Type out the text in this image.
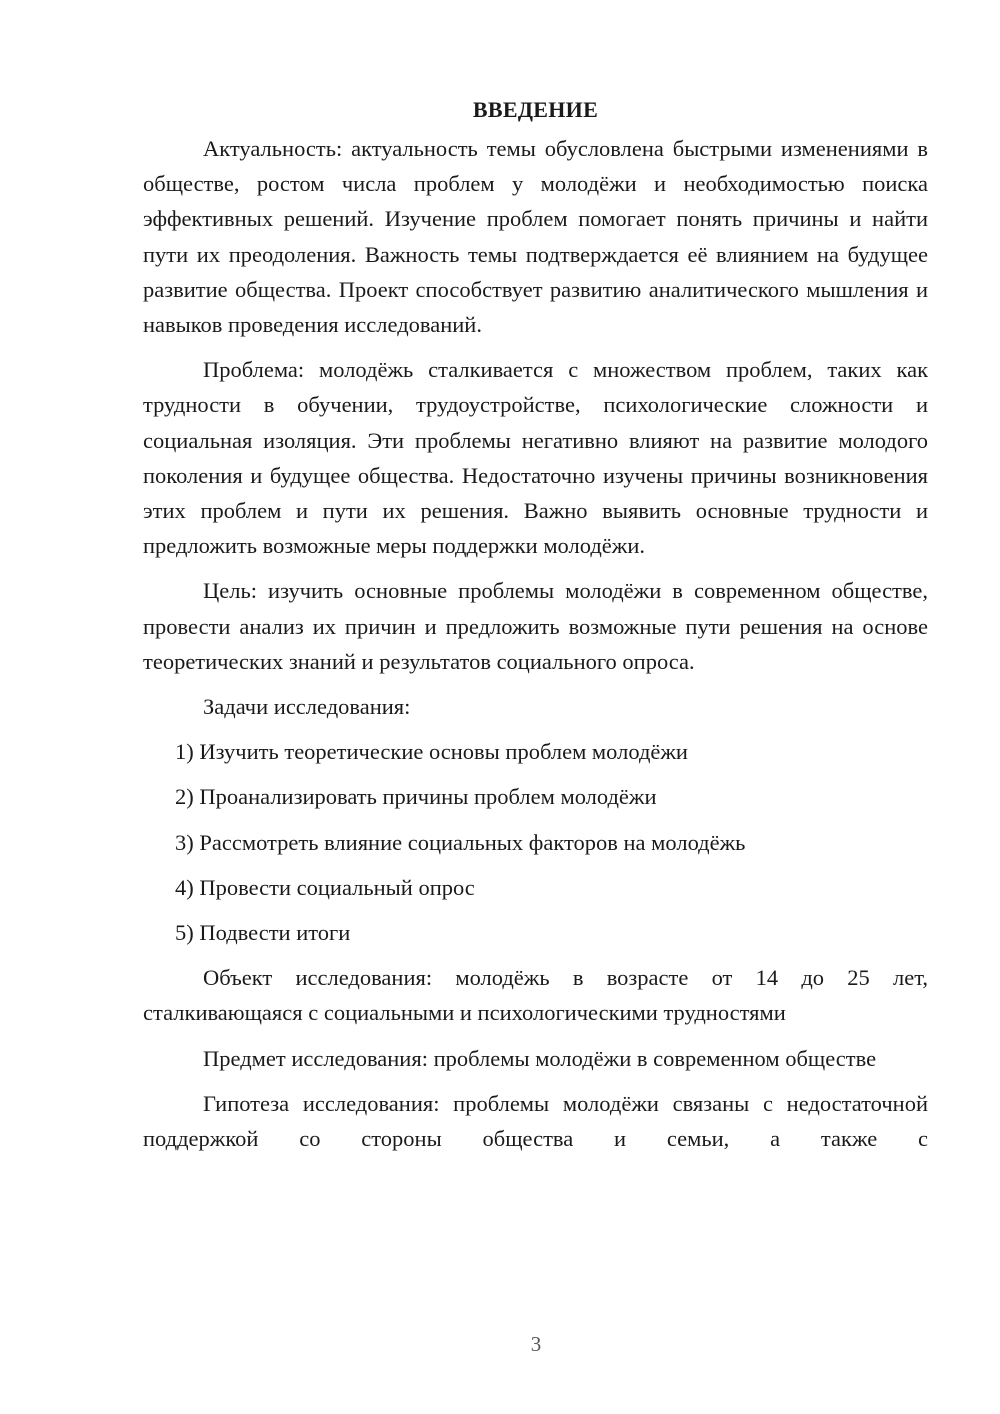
ВВЕДЕНИЕ

Актуальность: актуальность темы обусловлена быстрыми изменениями в обществе, ростом числа проблем у молодёжи и необходимостью поиска эффективных решений. Изучение проблем помогает понять причины и найти пути их преодоления. Важность темы подтверждается её влиянием на будущее развитие общества. Проект способствует развитию аналитического мышления и навыков проведения исследований.

Проблема: молодёжь сталкивается с множеством проблем, таких как трудности в обучении, трудоустройстве, психологические сложности и социальная изоляция. Эти проблемы негативно влияют на развитие молодого поколения и будущее общества. Недостаточно изучены причины возникновения этих проблем и пути их решения. Важно выявить основные трудности и предложить возможные меры поддержки молодёжи.

Цель: изучить основные проблемы молодёжи в современном обществе, провести анализ их причин и предложить возможные пути решения на основе теоретических знаний и результатов социального опроса.

Задачи исследования:

1) Изучить теоретические основы проблем молодёжи
2) Проанализировать причины проблем молодёжи
3) Рассмотреть влияние социальных факторов на молодёжь
4) Провести социальный опрос
5) Подвести итоги

Объект исследования: молодёжь в возрасте от 14 до 25 лет, сталкивающаяся с социальными и психологическими трудностями

Предмет исследования: проблемы молодёжи в современном обществе

Гипотеза исследования: проблемы молодёжи связаны с недостаточной поддержкой со стороны общества и семьи, а также с

3
